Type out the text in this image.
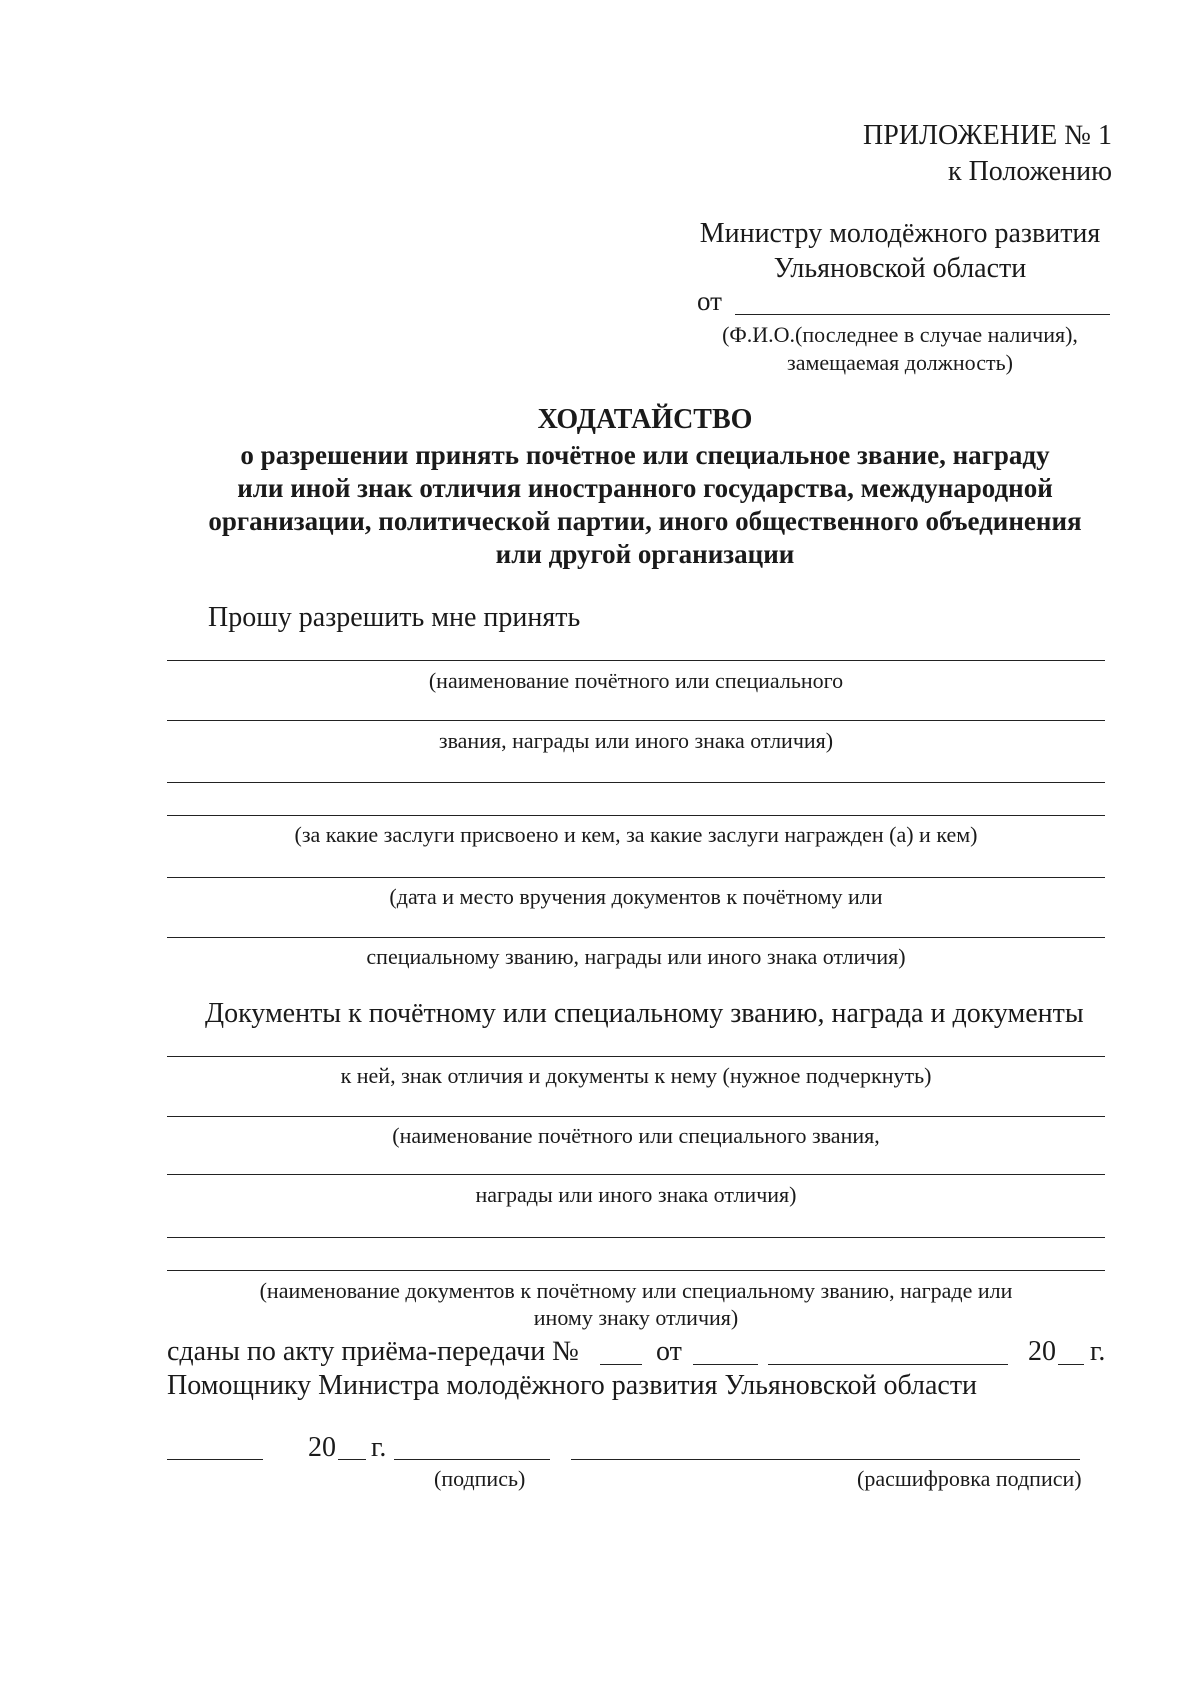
ПРИЛОЖЕНИЕ № 1
к Положению
Министру молодёжного развития
Ульяновской области
от
(Ф.И.О.(последнее в случае наличия),
замещаемая должность)
ХОДАТАЙСТВО
о разрешении принять почётное или специальное звание, награду
или иной знак отличия иностранного государства, международной
организации, политической партии, иного общественного объединения
или другой организации
Прошу разрешить мне принять
(наименование почётного или специального
звания, награды или иного знака отличия)
(за какие заслуги присвоено и кем, за какие заслуги награжден (а) и кем)
(дата и место вручения документов к почётному или
специальному званию, награды или иного знака отличия)
Документы к почётному или специальному званию, награда и документы
к ней, знак отличия и документы к нему (нужное подчеркнуть)
(наименование почётного или специального звания,
награды или иного знака отличия)
(наименование документов к почётному или специальному званию, награде или
иному знаку отличия)
сданы по акту приёма-передачи №	от	20 г.
Помощнику Министра молодёжного развития Ульяновской области
20 г.
(подпись)	(расшифровка подписи)
